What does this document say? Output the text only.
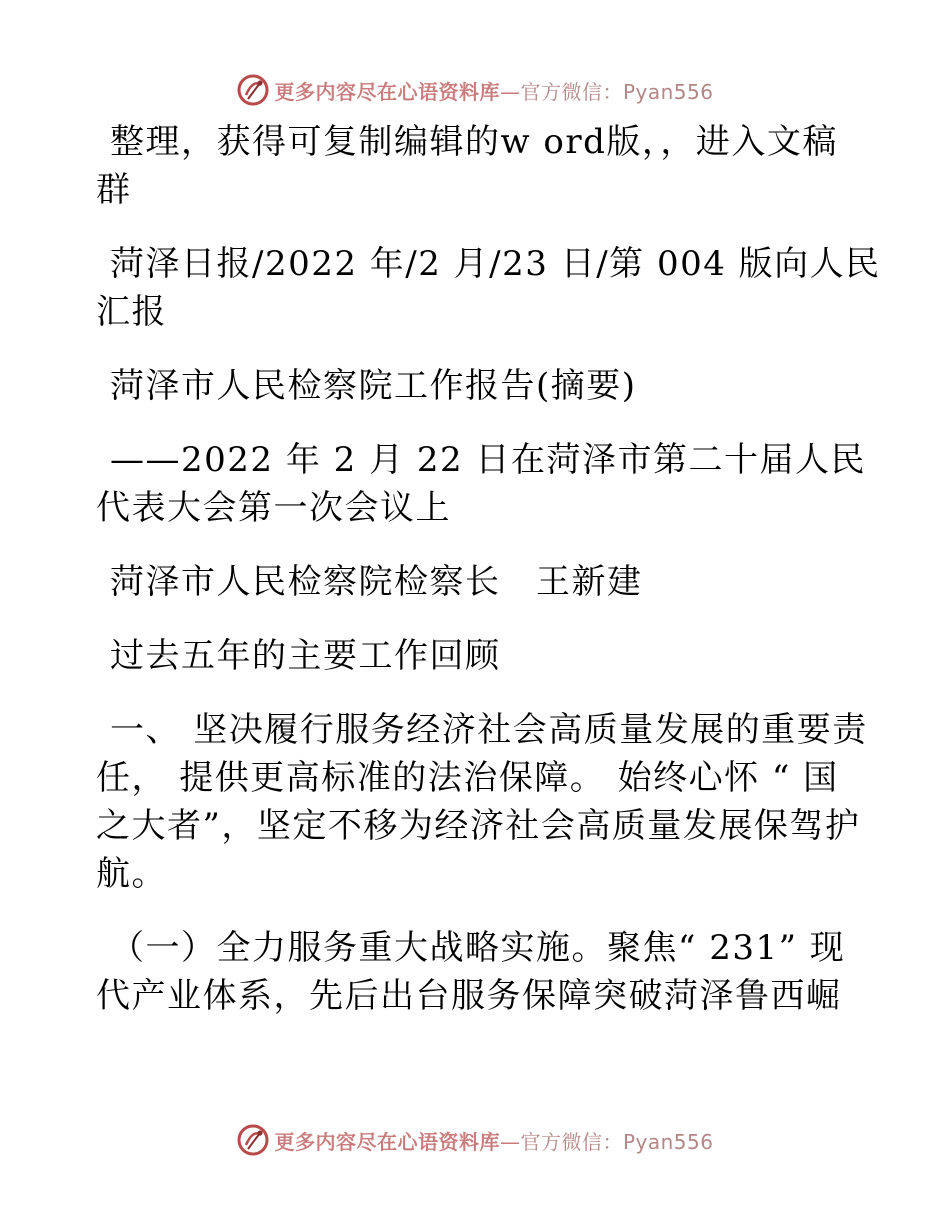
更多内容尽在心语资料库—官方微信：Pyan556

整理，获得可复制编辑的w ord版，，进入文稿
群

菏泽日报/2022 年/2 月/23 日/第 004 版向人民
汇报

菏泽市人民检察院工作报告(摘要)

——2022 年 2 月 22 日在菏泽市第二十届人民
代表大会第一次会议上

菏泽市人民检察院检察长　王新建

过去五年的主要工作回顾

一、 坚决履行服务经济社会高质量发展的重要责
任， 提供更高标准的法治保障。 始终心怀 “ 国
之大者”，坚定不移为经济社会高质量发展保驾护
航。

（一）全力服务重大战略实施。聚焦“ 231” 现
代产业体系，先后出台服务保障突破菏泽鲁西崛

更多内容尽在心语资料库—官方微信：Pyan556
